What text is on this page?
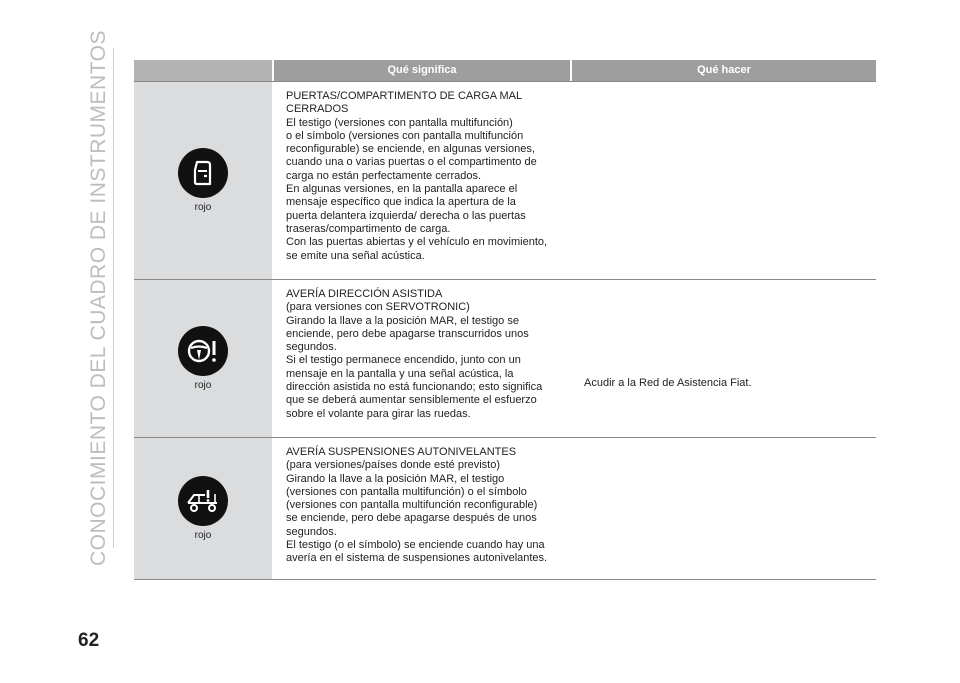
CONOCIMIENTO DEL CUADRO DE INSTRUMENTOS	Qué significa	Qué hacer
rojo
rojo
rojo

PUERTAS/COMPARTIMENTO DE CARGA MAL

CERRADOS

El testigo (versiones con pantalla multifunción)

o el símbolo (versiones con pantalla multifunción

reconfigurable) se enciende, en algunas versiones,

cuando una o varias puertas o el compartimento de

carga no están perfectamente cerrados.

En algunas versiones, en la pantalla aparece el

mensaje específico que indica la apertura de la

puerta delantera izquierda/ derecha o las puertas

traseras/compartimento de carga.

Con las puertas abiertas y el vehículo en movimiento,

se emite una señal acústica.

AVERÍA DIRECCIÓN ASISTIDA

(para versiones con SERVOTRONIC)

Girando la llave a la posición MAR, el testigo se

enciende, pero debe apagarse transcurridos unos

segundos.

Si el testigo permanece encendido, junto con un

mensaje en la pantalla y una señal acústica, la

dirección asistida no está funcionando; esto significa

que se deberá aumentar sensiblemente el esfuerzo

sobre el volante para girar las ruedas.

AVERÍA SUSPENSIONES AUTONIVELANTES

(para versiones/países donde esté previsto)

Girando la llave a la posición MAR, el testigo

(versiones con pantalla multifunción) o el símbolo

(versiones con pantalla multifunción reconfigurable)

se enciende, pero debe apagarse después de unos

segundos.

El testigo (o el símbolo) se enciende cuando hay una

avería en el sistema de suspensiones autonivelantes.

Acudir a la Red de Asistencia Fiat.
62
